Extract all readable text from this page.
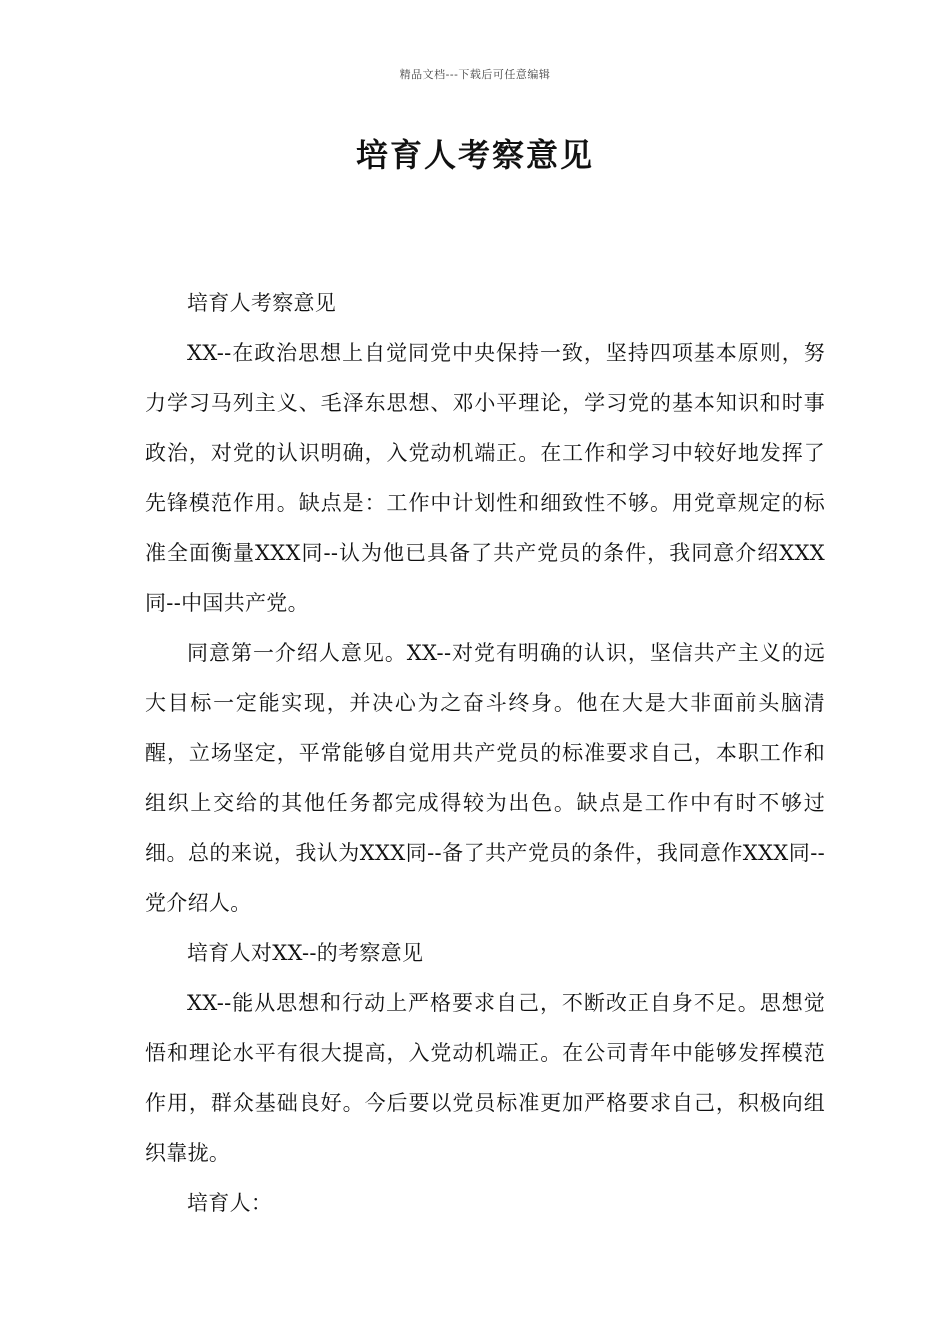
精品文档---下载后可任意编辑
培育人考察意见

培育人考察意见

XX--在政治思想上自觉同党中央保持一致，坚持四项基本原则，努力学习马列主义、毛泽东思想、邓小平理论，学习党的基本知识和时事政治，对党的认识明确，入党动机端正。在工作和学习中较好地发挥了先锋模范作用。缺点是：工作中计划性和细致性不够。用党章规定的标准全面衡量XXX同--认为他已具备了共产党员的条件，我同意介绍XXX同--中国共产党。

同意第一介绍人意见。XX--对党有明确的认识，坚信共产主义的远大目标一定能实现，并决心为之奋斗终身。他在大是大非面前头脑清醒，立场坚定，平常能够自觉用共产党员的标准要求自己，本职工作和组织上交给的其他任务都完成得较为出色。缺点是工作中有时不够过细。总的来说，我认为XXX同--备了共产党员的条件，我同意作XXX同--党介绍人。

培育人对XX--的考察意见

XX--能从思想和行动上严格要求自己，不断改正自身不足。思想觉悟和理论水平有很大提高，入党动机端正。在公司青年中能够发挥模范作用，群众基础良好。今后要以党员标准更加严格要求自己，积极向组织靠拢。

培育人：
